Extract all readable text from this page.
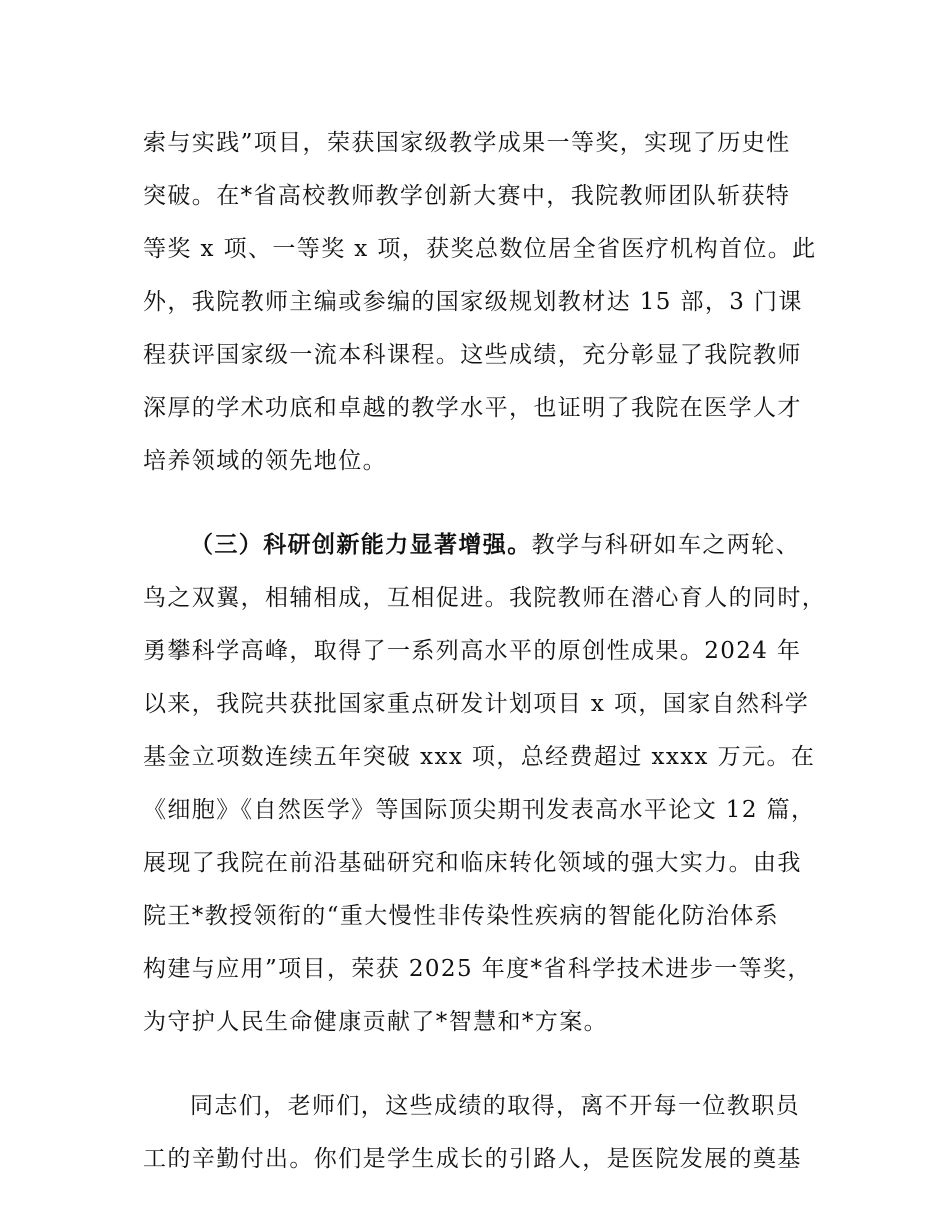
索与实践”项目，荣获国家级教学成果一等奖，实现了历史性
突破。在*省高校教师教学创新大赛中，我院教师团队斩获特
等奖 x 项、一等奖 x 项，获奖总数位居全省医疗机构首位。此
外，我院教师主编或参编的国家级规划教材达 15 部，3 门课
程获评国家级一流本科课程。这些成绩，充分彰显了我院教师
深厚的学术功底和卓越的教学水平，也证明了我院在医学人才
培养领域的领先地位。
（三）科研创新能力显著增强。教学与科研如车之两轮、
鸟之双翼，相辅相成，互相促进。我院教师在潜心育人的同时，
勇攀科学高峰，取得了一系列高水平的原创性成果。2024 年
以来，我院共获批国家重点研发计划项目 x 项，国家自然科学
基金立项数连续五年突破 xxx 项，总经费超过 xxxx 万元。在
《细胞》《自然医学》等国际顶尖期刊发表高水平论文 12 篇，
展现了我院在前沿基础研究和临床转化领域的强大实力。由我
院王*教授领衔的“重大慢性非传染性疾病的智能化防治体系
构建与应用”项目，荣获 2025 年度*省科学技术进步一等奖，
为守护人民生命健康贡献了*智慧和*方案。
同志们，老师们，这些成绩的取得，离不开每一位教职员
工的辛勤付出。你们是学生成长的引路人，是医院发展的奠基
